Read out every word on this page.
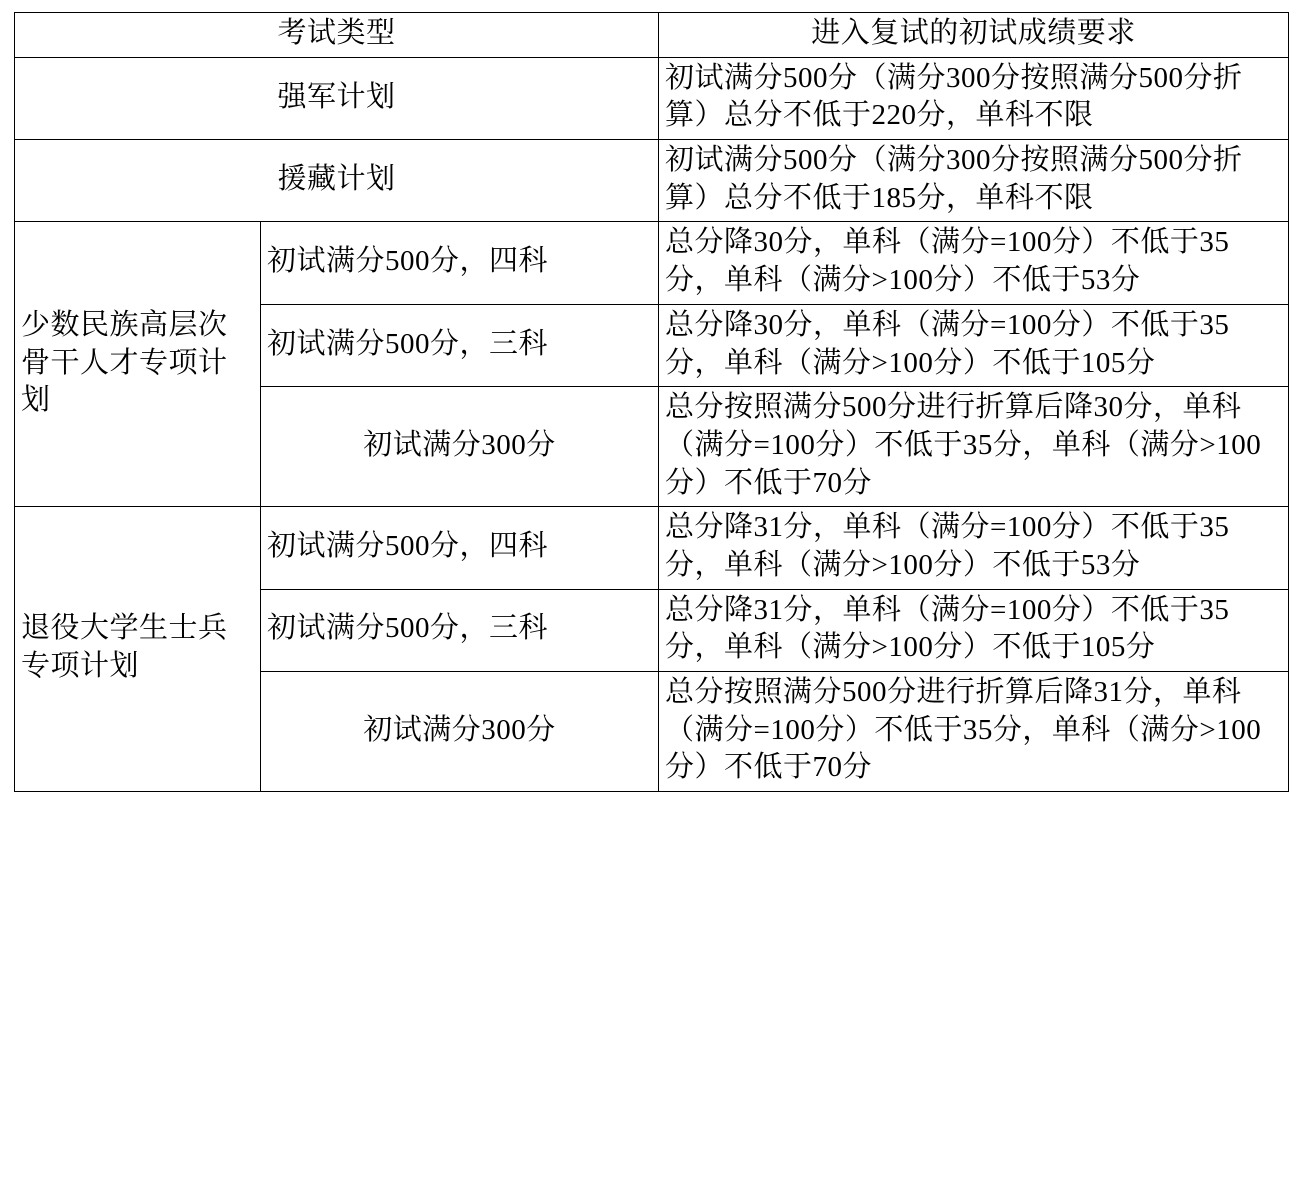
考试类型		进入复试的初试成绩要求
强军计划		初试满分500分（满分300分按照满分500分折算）总分不低于220分，单科不限
援藏计划		初试满分500分（满分300分按照满分500分折算）总分不低于185分，单科不限
少数民族高层次骨干人才专项计划	初试满分500分，四科	总分降30分，单科（满分=100分）不低于35分，单科（满分>100分）不低于53分
	初试满分500分，三科	总分降30分，单科（满分=100分）不低于35分，单科（满分>100分）不低于105分
	初试满分300分	总分按照满分500分进行折算后降30分，单科（满分=100分）不低于35分，单科（满分>100分）不低于70分
退役大学生士兵专项计划	初试满分500分，四科	总分降31分，单科（满分=100分）不低于35分，单科（满分>100分）不低于53分
	初试满分500分，三科	总分降31分，单科（满分=100分）不低于35分，单科（满分>100分）不低于105分
	初试满分300分	总分按照满分500分进行折算后降31分，单科（满分=100分）不低于35分，单科（满分>100分）不低于70分
